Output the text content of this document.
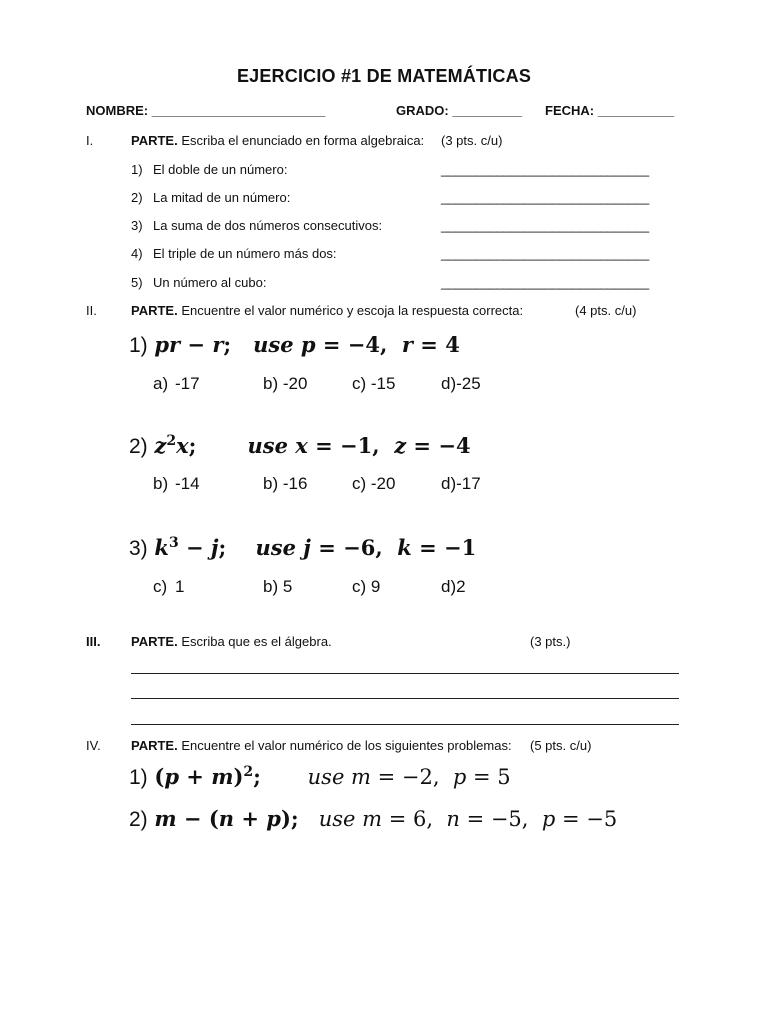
EJERCICIO #1 DE MATEMÁTICAS
NOMBRE: _________________________	GRADO: __________ FECHA: ___________
I.	PARTE. Escriba el enunciado en forma algebraica: (3 pts. c/u)
1) El doble de un número:	______________________________
2) La mitad de un número:	______________________________
3) La suma de dos números consecutivos:	______________________________
4) El triple de un número más dos:	______________________________
5) Un número al cubo:	______________________________
II.	PARTE. Encuentre el valor numérico y escoja la respuesta correcta:	(4 pts. c/u)
1) pr − r;   use p = −4,  r = 4
a) -17	b) -20	c) -15	d)-25
2) $z^2x$;       use x = −1,  z = −4
b) -14	b) -16	c) -20	d)-17
3) $k^3 - j$;    use j = −6,  k = −1
c) 1	b) 5	c) 9	d)2
III. PARTE. Escriba que es el álgebra.	(3 pts.)
IV. PARTE. Encuentre el valor numérico de los siguientes problemas: (5 pts. c/u)
1) $(p + m)^2$; use m = −2,  p = 5
2) m − (n + p); use m = 6,  n = −5,  p = −5
